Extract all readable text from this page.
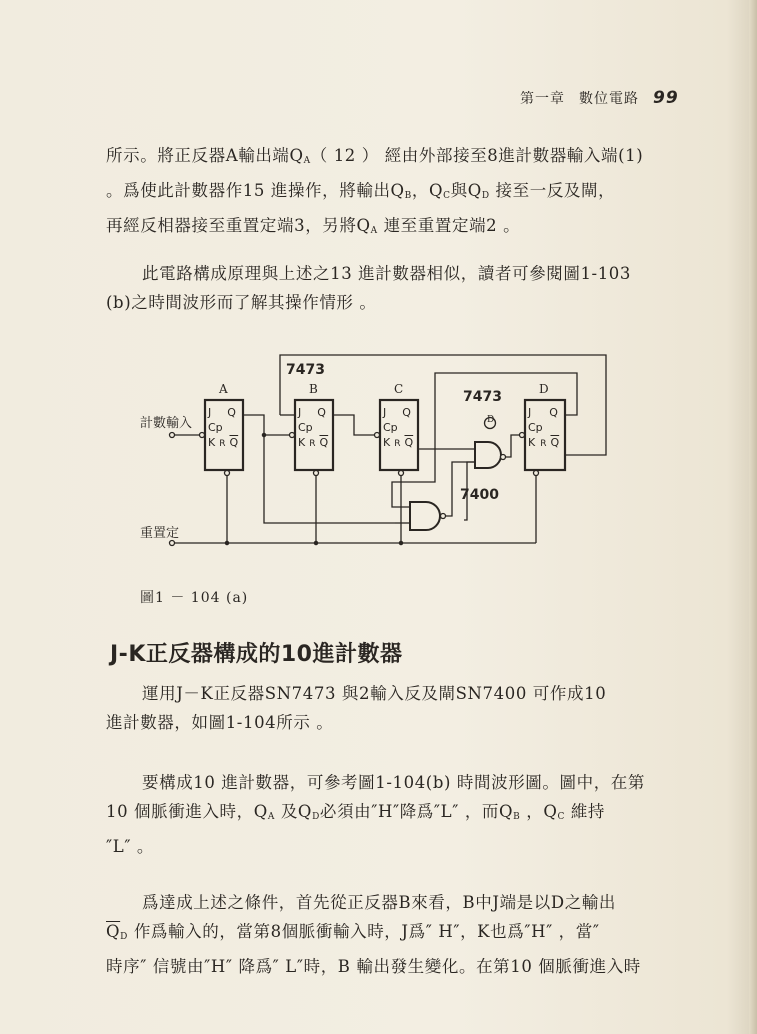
第一章 數位電路 99

所示。將正反器A輸出端$Q_A$（ 12 ） 經由外部接至8進計數器輸入端(1)

。爲使此計數器作15 進操作，將輸出$Q_B$，$Q_C$與$Q_D$ 接至一反及閘，

再經反相器接至重置定端3，另將$Q_A$ 連至重置定端2 。

此電路構成原理與上述之13 進計數器相似，讀者可參閱圖1-103

(b)之時間波形而了解其操作情形 。

計數輸入
重置定
7473
7473
7400
D
A	B	C	D
J Q
Cp
K R $\overline{Q}$
J Q
Cp
K R $\overline{Q}$
J Q
Cp
K R $\overline{Q}$
J Q
Cp
K R $\overline{Q}$
圖1 － 104 (a)
J-K正反器構成的10進計數器

運用J－K正反器SN7473 與2輸入反及閘SN7400 可作成10

進計數器，如圖1-104所示 。

要構成10 進計數器，可參考圖1-104(b) 時間波形圖。圖中，在第

10 個脈衝進入時，$Q_A$ 及$Q_D$必須由″H″降爲″L″ ，而$Q_B$ ，$Q_C$ 維持

″L″ 。

爲達成上述之條件，首先從正反器B來看，B中J端是以D之輸出

$\overline{Q}_D$ 作爲輸入的，當第8個脈衝輸入時，J爲″ H″，K也爲″H″ ，當″

時序″ 信號由″H″ 降爲″ L″時，B 輸出發生變化。在第10 個脈衝進入時
